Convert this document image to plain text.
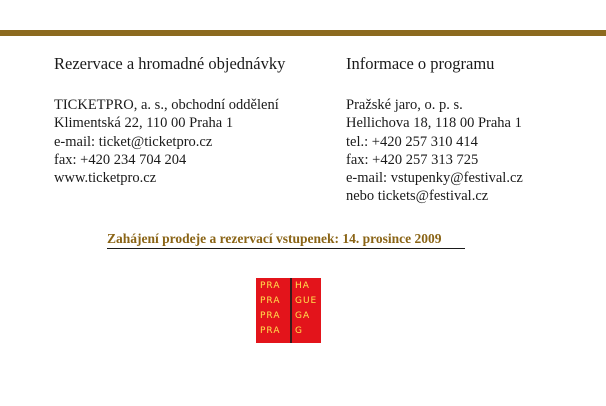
Rezervace a hromadné objednávky
TICKETPRO, a. s., obchodní oddělení
Klimentská 22, 110 00 Praha 1
e-mail: ticket@ticketpro.cz
fax: +420 234 704 204
www.ticketpro.cz
Informace o programu
Pražské jaro, o. p. s.
Hellichova 18, 118 00 Praha 1
tel.: +420 257 310 414
fax: +420 257 313 725
e-mail: vstupenky@festival.cz
nebo tickets@festival.cz
Zahájení prodeje a rezervací vstupenek: 14. prosince 2009
PRA HA
PRA GUE
PRA GA
PRA G
